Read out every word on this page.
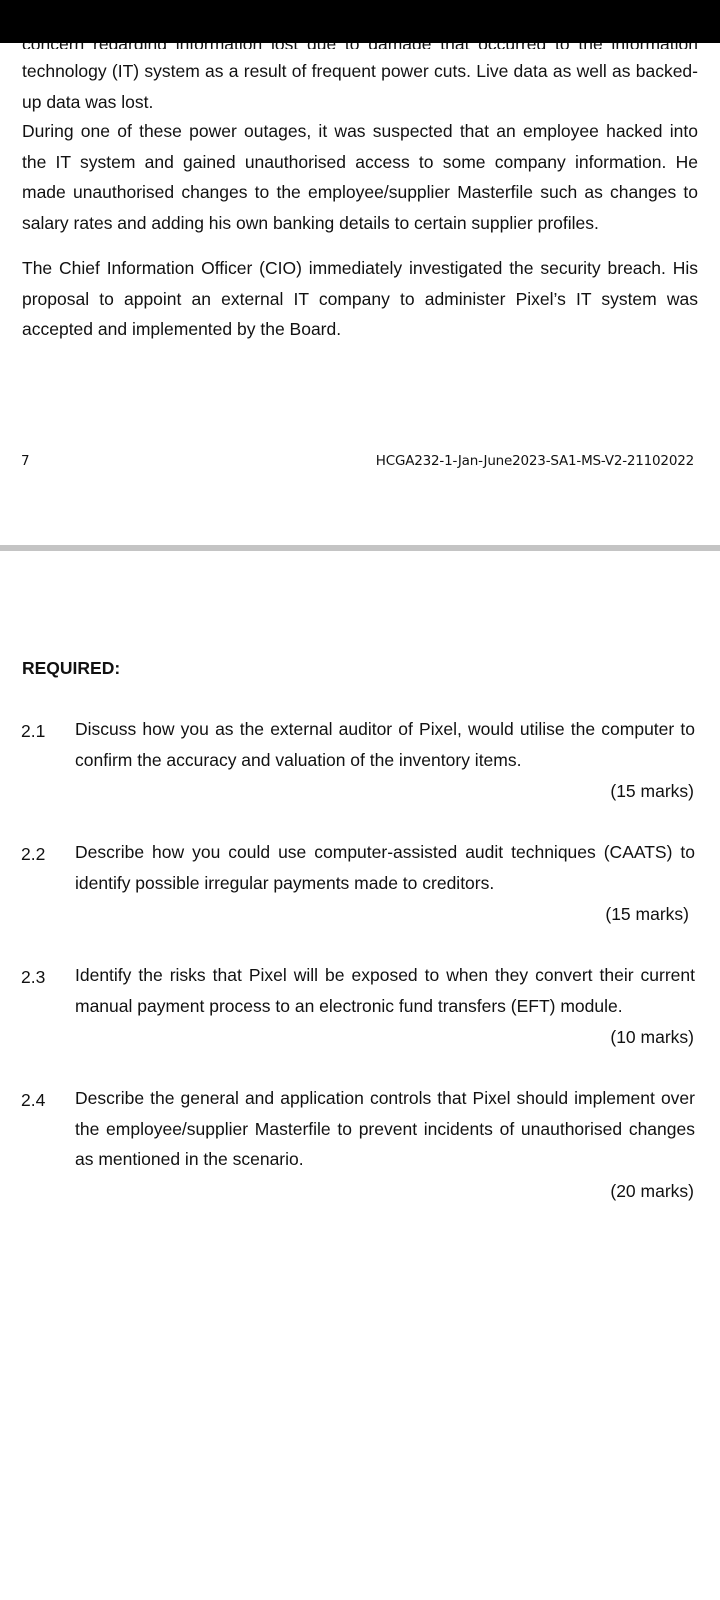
technology (IT) system as a result of frequent power cuts. Live data as well as backed-
up data was lost.
During one of these power outages, it was suspected that an employee hacked into
the IT system and gained unauthorised access to some company information. He
made unauthorised changes to the employee/supplier Masterfile such as changes to
salary rates and adding his own banking details to certain supplier profiles.
The Chief Information Officer (CIO) immediately investigated the security breach. His
proposal to appoint an external IT company to administer Pixel’s IT system was
accepted and implemented by the Board.
7	HCGA232-1-Jan-June2023-SA1-MS-V2-21102022
REQUIRED:
2.1 Discuss how you as the external auditor of Pixel, would utilise the computer to
confirm the accuracy and valuation of the inventory items.
(15 marks)
2.2 Describe how you could use computer-assisted audit techniques (CAATS) to
identify possible irregular payments made to creditors.
(15 marks)
2.3 Identify the risks that Pixel will be exposed to when they convert their current
manual payment process to an electronic fund transfers (EFT) module.
(10 marks)
2.4 Describe the general and application controls that Pixel should implement over
the employee/supplier Masterfile to prevent incidents of unauthorised changes
as mentioned in the scenario.
(20 marks)
